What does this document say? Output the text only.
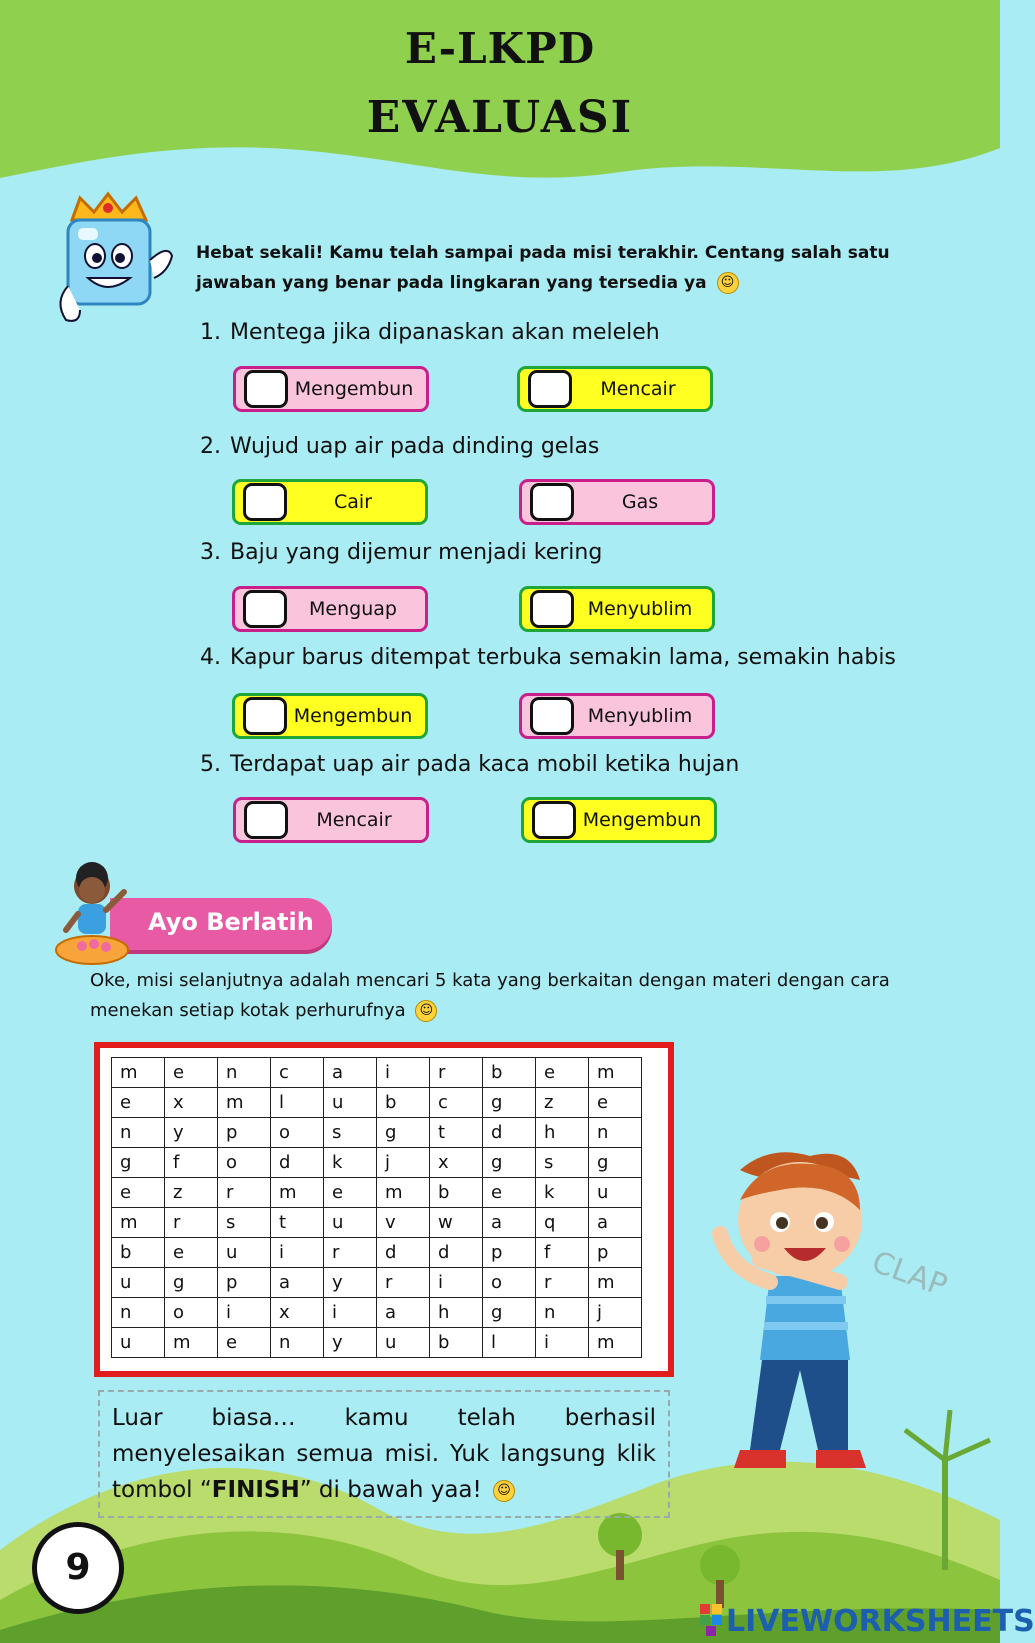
E-LKPD
EVALUASI

Hebat sekali! Kamu telah sampai pada misi terakhir. Centang salah satu jawaban yang benar pada lingkaran yang tersedia ya ☺

1. Mentega jika dipanaskan akan meleleh

Mengembun	Mencair

2. Wujud uap air pada dinding gelas

Cair	Gas

3. Baju yang dijemur menjadi kering

Menguap	Menyublim

4. Kapur barus ditempat terbuka semakin lama, semakin habis

Mengembun	Menyublim

5. Terdapat uap air pada kaca mobil ketika hujan

Mencair	Mengembun
Ayo Berlatih

Oke, misi selanjutnya adalah mencari 5 kata yang berkaitan dengan materi dengan cara menekan setiap kotak perhurufnya ☺

m	e	n	c	a	i	r	b	e	m
e	x	m	l	u	b	c	g	z	e
n	y	p	o	s	g	t	d	h	n
g	f	o	d	k	j	x	g	s	g
e	z	r	m	e	m	b	e	k	u
m	r	s	t	u	v	w	a	q	a
b	e	u	i	r	d	d	p	f	p
u	g	p	a	y	r	i	o	r	m
n	o	i	x	i	a	h	g	n	j
u	m	e	n	y	u	b	l	i	m

Luar biasa… kamu telah berhasil menyelesaikan semua misi. Yuk langsung klik tombol “FINISH” di bawah yaa! ☺

CLAP
9
LIVEWORKSHEETS
